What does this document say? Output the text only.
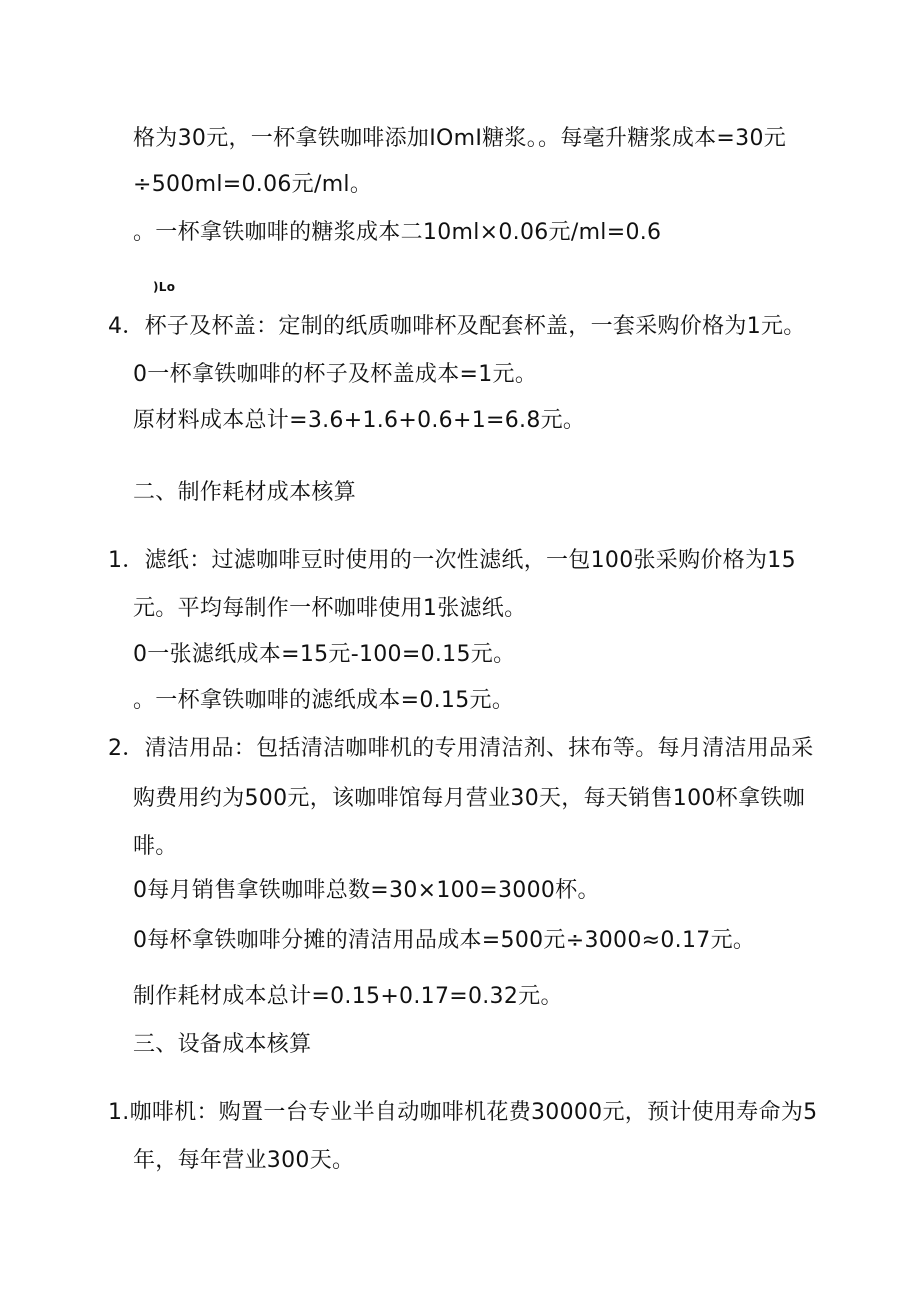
格为30元，一杯拿铁咖啡添加IOmI糖浆。。每毫升糖浆成本=30元
÷500ml=0.06元/ml。
。一杯拿铁咖啡的糖浆成本二10ml×0.06元/ml=0.6
)Lo
4．杯子及杯盖：定制的纸质咖啡杯及配套杯盖，一套采购价格为1元。
0一杯拿铁咖啡的杯子及杯盖成本=1元。
原材料成本总计=3.6+1.6+0.6+1=6.8元。
二、制作耗材成本核算
1．滤纸：过滤咖啡豆时使用的一次性滤纸，一包100张采购价格为15
元。平均每制作一杯咖啡使用1张滤纸。
0一张滤纸成本=15元-100=0.15元。
。一杯拿铁咖啡的滤纸成本=0.15元。
2．清洁用品：包括清洁咖啡机的专用清洁剂、抹布等。每月清洁用品采
购费用约为500元，该咖啡馆每月营业30天，每天销售100杯拿铁咖
啡。
0每月销售拿铁咖啡总数=30×100=3000杯。
0每杯拿铁咖啡分摊的清洁用品成本=500元÷3000≈0.17元。
制作耗材成本总计=0.15+0.17=0.32元。
三、设备成本核算
1.咖啡机：购置一台专业半自动咖啡机花费30000元，预计使用寿命为5
年，每年营业300天。
